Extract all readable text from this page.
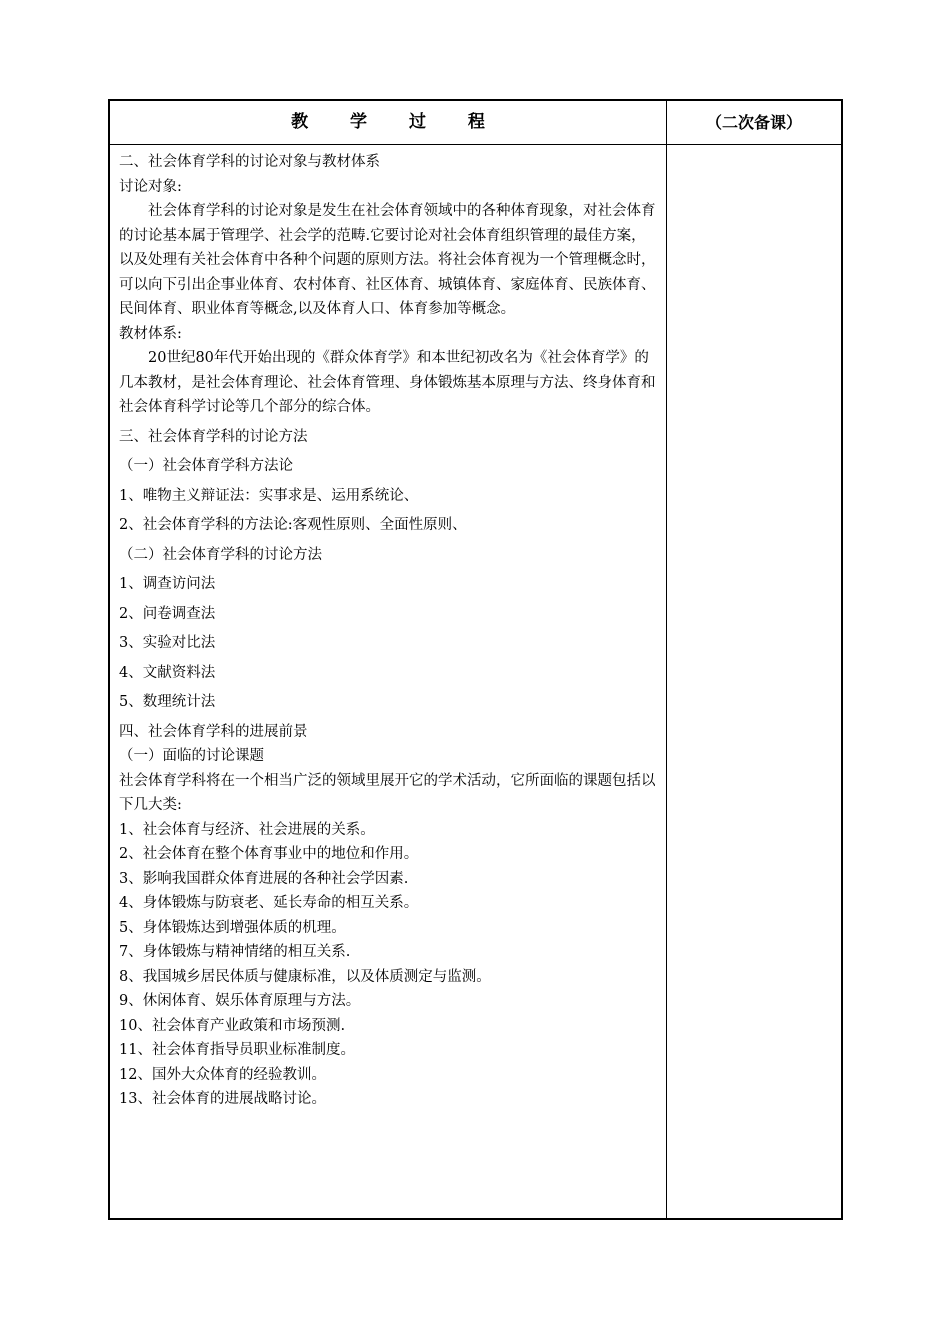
教 学 过 程	（二次备课）

二、社会体育学科的讨论对象与教材体系

讨论对象:

社会体育学科的讨论对象是发生在社会体育领域中的各种体育现象，对社会体育的讨论基本属于管理学、社会学的范畴.它要讨论对社会体育组织管理的最佳方案，以及处理有关社会体育中各种个问题的原则方法。将社会体育视为一个管理概念时，可以向下引出企事业体育、农村体育、社区体育、城镇体育、家庭体育、民族体育、民间体育、职业体育等概念,以及体育人口、体育参加等概念。

教材体系:

20世纪80年代开始出现的《群众体育学》和本世纪初改名为《社会体育学》的几本教材，是社会体育理论、社会体育管理、身体锻炼基本原理与方法、终身体育和社会体育科学讨论等几个部分的综合体。

三、社会体育学科的讨论方法

（一）社会体育学科方法论

1、唯物主义辩证法：实事求是、运用系统论、

2、社会体育学科的方法论:客观性原则、全面性原则、

（二）社会体育学科的讨论方法

1、调查访问法

2、问卷调查法

3、实验对比法

4、文献资料法

5、数理统计法

四、社会体育学科的进展前景

（一）面临的讨论课题

社会体育学科将在一个相当广泛的领域里展开它的学术活动，它所面临的课题包括以下几大类:

1、社会体育与经济、社会进展的关系。

2、社会体育在整个体育事业中的地位和作用。

3、影响我国群众体育进展的各种社会学因素.

4、身体锻炼与防衰老、延长寿命的相互关系。

5、身体锻炼达到增强体质的机理。

7、身体锻炼与精神情绪的相互关系.

8、我国城乡居民体质与健康标准，以及体质测定与监测。

9、休闲体育、娱乐体育原理与方法。

10、社会体育产业政策和市场预测.

11、社会体育指导员职业标准制度。

12、国外大众体育的经验教训。

13、社会体育的进展战略讨论。
